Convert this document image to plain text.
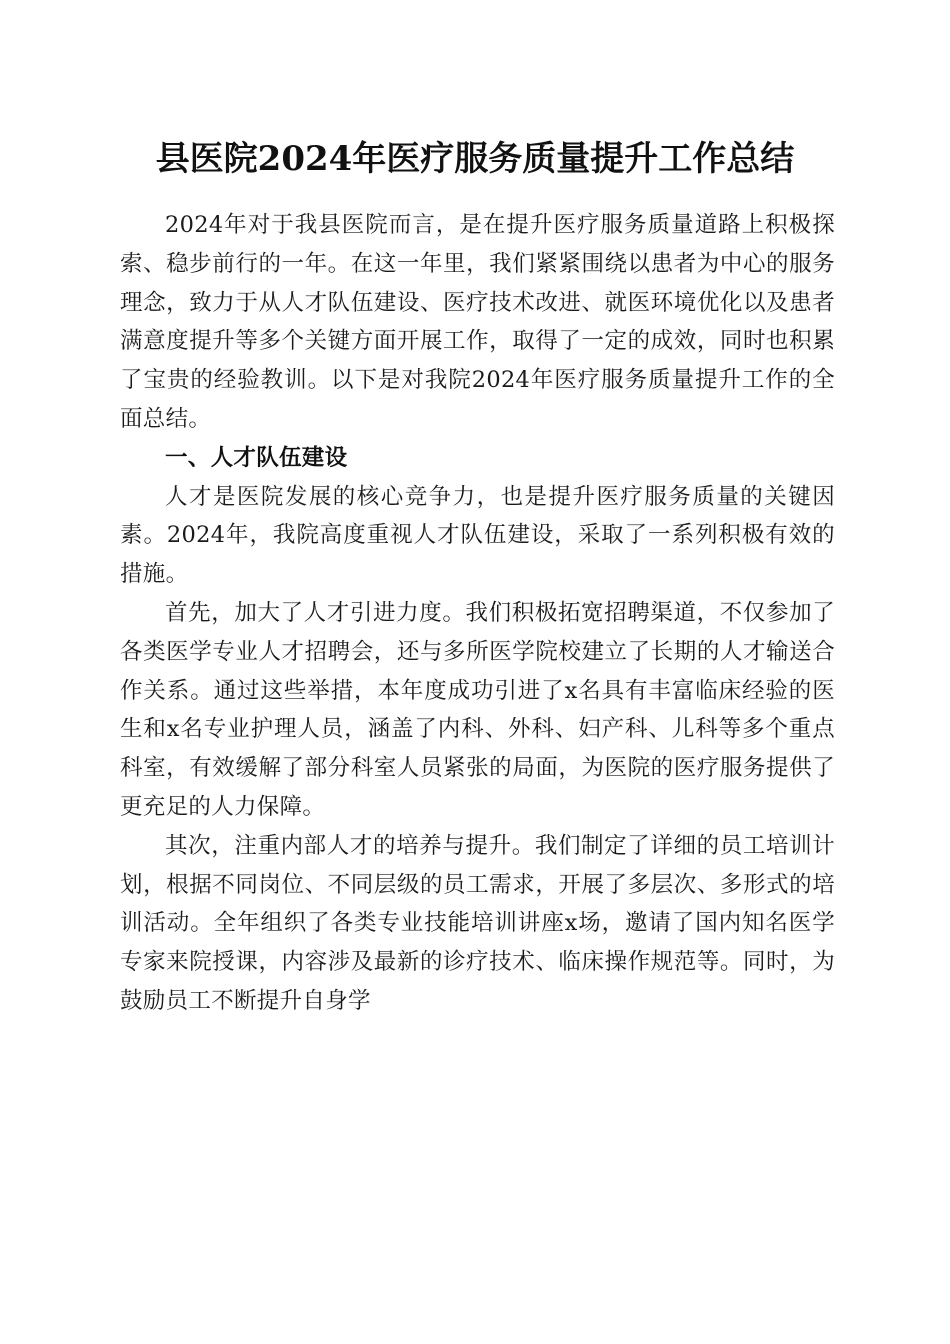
县医院2024年医疗服务质量提升工作总结

2024年对于我县医院而言，是在提升医疗服务质量道路上积极探索、稳步前行的一年。在这一年里，我们紧紧围绕以患者为中心的服务理念，致力于从人才队伍建设、医疗技术改进、就医环境优化以及患者满意度提升等多个关键方面开展工作，取得了一定的成效，同时也积累了宝贵的经验教训。以下是对我院2024年医疗服务质量提升工作的全面总结。

一、人才队伍建设

人才是医院发展的核心竞争力，也是提升医疗服务质量的关键因素。2024年，我院高度重视人才队伍建设，采取了一系列积极有效的措施。

首先，加大了人才引进力度。我们积极拓宽招聘渠道，不仅参加了各类医学专业人才招聘会，还与多所医学院校建立了长期的人才输送合作关系。通过这些举措，本年度成功引进了x名具有丰富临床经验的医生和x名专业护理人员，涵盖了内科、外科、妇产科、儿科等多个重点科室，有效缓解了部分科室人员紧张的局面，为医院的医疗服务提供了更充足的人力保障。

其次，注重内部人才的培养与提升。我们制定了详细的员工培训计划，根据不同岗位、不同层级的员工需求，开展了多层次、多形式的培训活动。全年组织了各类专业技能培训讲座x场，邀请了国内知名医学专家来院授课，内容涉及最新的诊疗技术、临床操作规范等。同时，为鼓励员工不断提升自身学
